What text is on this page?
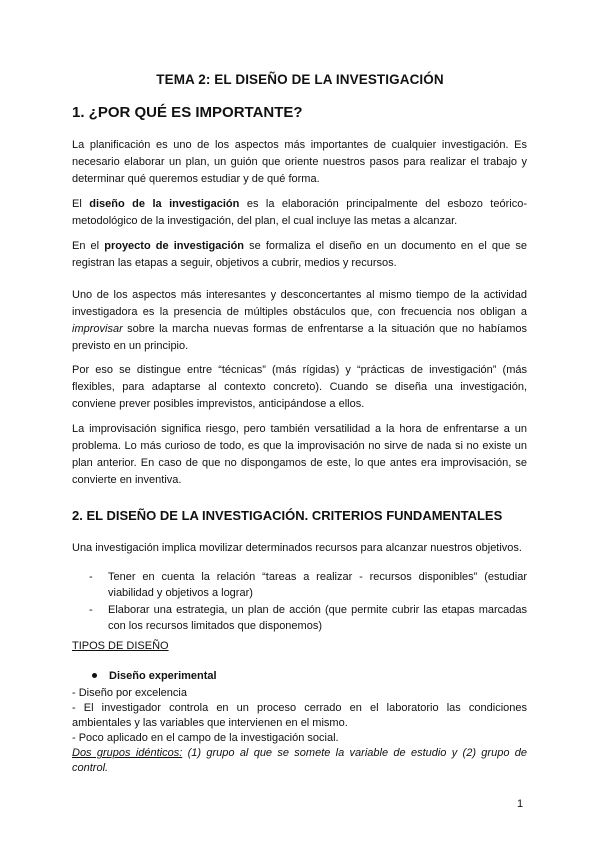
TEMA 2: EL DISEÑO DE LA INVESTIGACIÓN
1. ¿POR QUÉ ES IMPORTANTE?

La planificación es uno de los aspectos más importantes de cualquier investigación. Es necesario elaborar un plan, un guión que oriente nuestros pasos para realizar el trabajo y determinar qué queremos estudiar y de qué forma.

El diseño de la investigación es la elaboración principalmente del esbozo teórico-metodológico de la investigación, del plan, el cual incluye las metas a alcanzar.

En el proyecto de investigación se formaliza el diseño en un documento en el que se registran las etapas a seguir, objetivos a cubrir, medios y recursos.

Uno de los aspectos más interesantes y desconcertantes al mismo tiempo de la actividad investigadora es la presencia de múltiples obstáculos que, con frecuencia nos obligan a improvisar sobre la marcha nuevas formas de enfrentarse a la situación que no habíamos previsto en un principio.

Por eso se distingue entre “técnicas” (más rígidas) y “prácticas de investigación” (más flexibles, para adaptarse al contexto concreto). Cuando se diseña una investigación, conviene prever posibles imprevistos, anticipándose a ellos.

La improvisación significa riesgo, pero también versatilidad a la hora de enfrentarse a un problema. Lo más curioso de todo, es que la improvisación no sirve de nada si no existe un plan anterior. En caso de que no dispongamos de este, lo que antes era improvisación, se convierte en inventiva.

2. EL DISEÑO DE LA INVESTIGACIÓN. CRITERIOS FUNDAMENTALES

Una investigación implica movilizar determinados recursos para alcanzar nuestros objetivos.

- Tener en cuenta la relación “tareas a realizar - recursos disponibles” (estudiar viabilidad y objetivos a lograr)
- Elaborar una estrategia, un plan de acción (que permite cubrir las etapas marcadas con los recursos limitados que disponemos)
TIPOS DE DISEÑO
Diseño experimental
- Diseño por excelencia
- El investigador controla en un proceso cerrado en el laboratorio las condiciones ambientales y las variables que intervienen en el mismo.
- Poco aplicado en el campo de la investigación social.
Dos grupos idénticos: (1) grupo al que se somete la variable de estudio y (2) grupo de control.
1
